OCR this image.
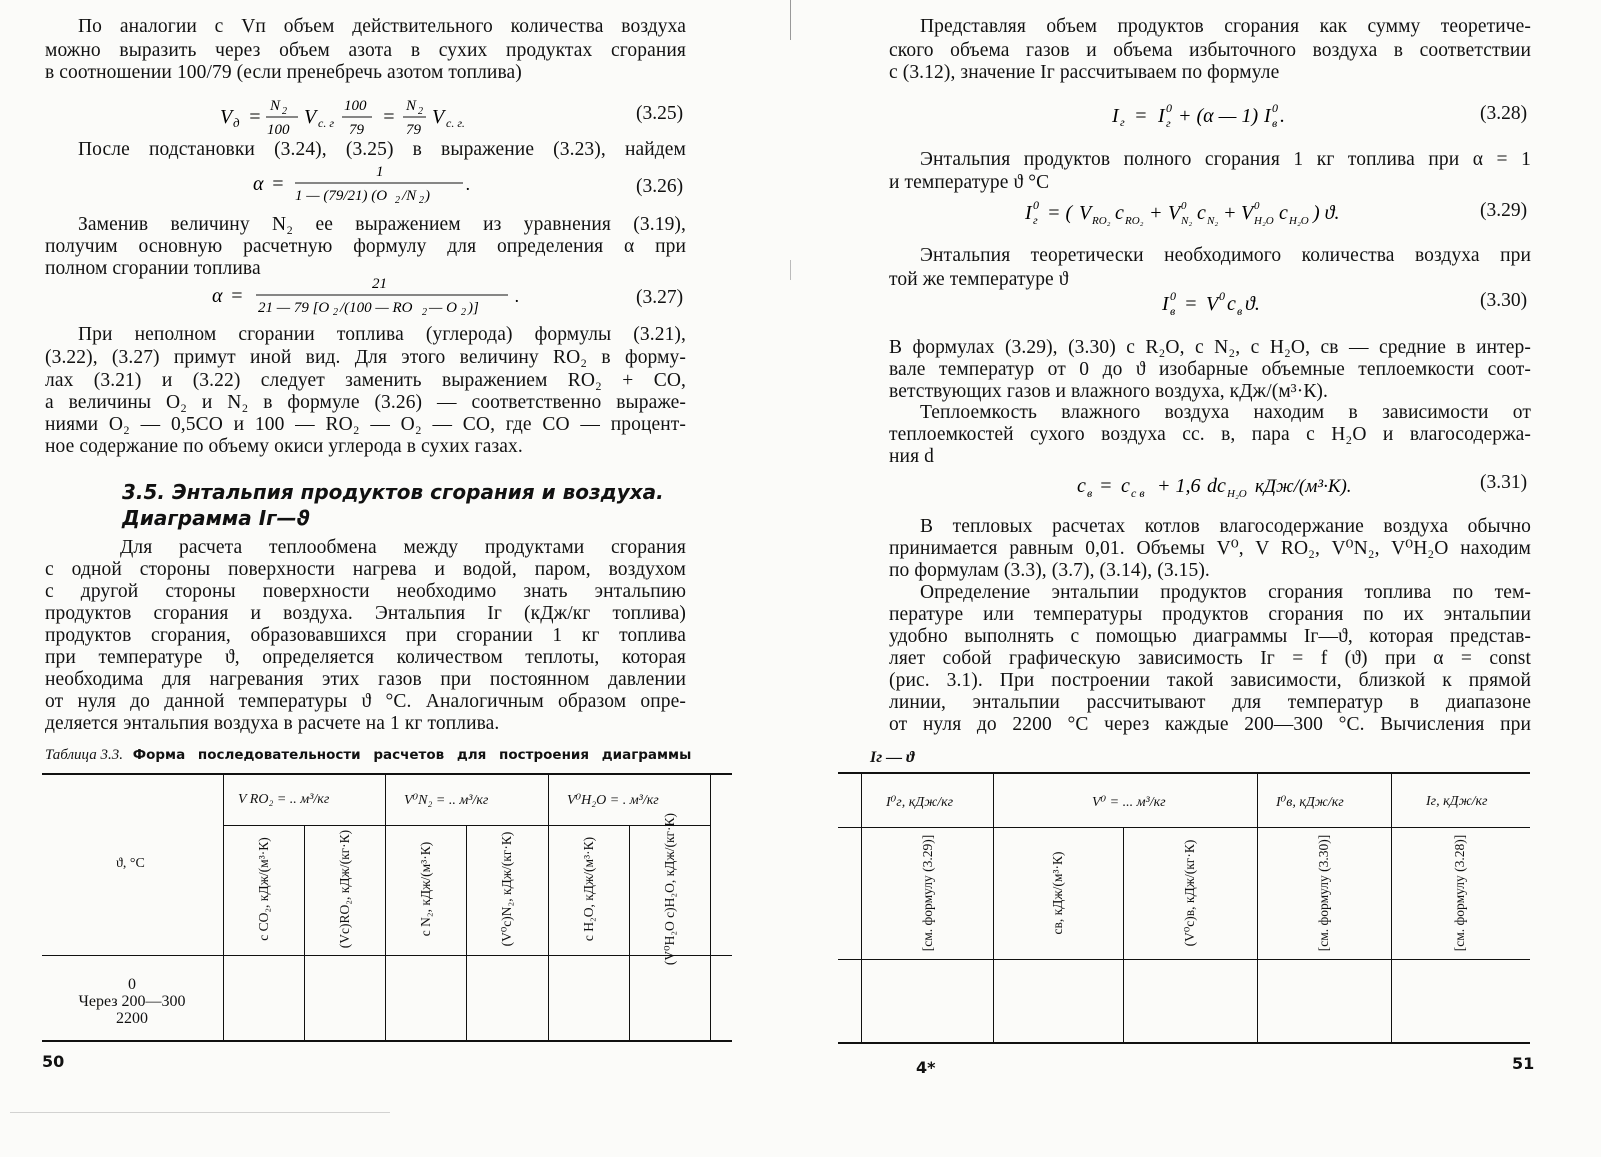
По аналогии с Vп объем действительного количества воздуха
можно выразить через объем азота в сухих продуктах сгорания
в соотношении 100/79 (если пренебречь азотом топлива)
V д = N 2
100
V с. г
100
79
= N 2
79
V с. г.	(3.25)
После подстановки (3.24), (3.25) в выражение (3.23), найдем
α =
1
1 — (79/21) (O 2 /N 2 )
.	(3.26)
Заменив величину N₂ ее выражением из уравнения (3.19),
получим основную расчетную формулу для определения α при
полном сгорании топлива
α =
21
21 — 79 [O 2 /(100 — RO 2 — O 2 )]
.	(3.27)
При неполном сгорании топлива (углерода) формулы (3.21),
(3.22), (3.27) примут иной вид. Для этого величину RO₂ в форму-
лах (3.21) и (3.22) следует заменить выражением RO₂ + CO,
а величины O₂ и N₂ в формуле (3.26) — соответственно выраже-
ниями O₂ — 0,5CO и 100 — RO₂ — O₂ — CO, где CO — процент-
ное содержание по объему окиси углерода в сухих газах.
3.5. Энтальпия продуктов сгорания и воздуха.
Диаграмма Iг—ϑ
Для расчета теплообмена между продуктами сгорания
с одной стороны поверхности нагрева и водой, паром, воздухом
с другой стороны поверхности необходимо знать энтальпию
продуктов сгорания и воздуха. Энтальпия Iг (кДж/кг топлива)
продуктов сгорания, образовавшихся при сгорании 1 кг топлива
при температуре ϑ, определяется количеством теплоты, которая
необходима для нагревания этих газов при постоянном давлении
от нуля до данной температуры ϑ °С. Аналогичным образом опре-
деляется энтальпия воздуха в расчете на 1 кг топлива.
Таблица 3.3. Форма последовательности расчетов для построения диаграммы
ϑ, °С
V RO₂ = .. м³/кг	V⁰N₂ = .. м³/кг	V⁰H₂O = . м³/кг
c CO₂, кДж/(м³·К)	(Vc)RO₂, кДж/(кг·К)	c N₂, кДж/(м³·К)	(V⁰c)N₂, кДж/(кг·К)	c H₂O, кДж/(м³·К)	(V⁰H₂O c)H₂O, кДж/(кг·К)
0
Через 200—300
2200
50
Представляя объем продуктов сгорания как сумму теоретиче-
ского объема газов и объема избыточного воздуха в соответствии
с (3.12), значение Iг рассчитываем по формуле
I г = I 0
г + (α — 1) I 0
в .	(3.28)
Энтальпия продуктов полного сгорания 1 кг топлива при α = 1
и температуре ϑ °С
I 0
г = ( V RO₂ c RO₂ + V 0
N₂ c N₂ + V 0
H₂O c H₂O ) ϑ.	(3.29)
Энтальпия теоретически необходимого количества воздуха при
той же температуре ϑ
I 0
в = V 0 c в ϑ.	(3.30)
В формулах (3.29), (3.30) c R₂O, c N₂, c H₂O, cв — средние в интер-
вале температур от 0 до ϑ изобарные объемные теплоемкости соот-
ветствующих газов и влажного воздуха, кДж/(м³·К).
Теплоемкость влажного воздуха находим в зависимости от
теплоемкостей сухого воздуха cс. в, пара c H₂O и влагосодержа-
ния d
c в = c с в + 1,6 dc H₂O кДж/(м³·К).	(3.31)
В тепловых расчетах котлов влагосодержание воздуха обычно
принимается равным 0,01. Объемы V⁰, V RO₂, V⁰N₂, V⁰H₂O находим
по формулам (3.3), (3.7), (3.14), (3.15).
Определение энтальпии продуктов сгорания топлива по тем-
пературе или температуры продуктов сгорания по их энтальпии
удобно выполнять с помощью диаграммы Iг—ϑ, которая представ-
ляет собой графическую зависимость Iг = f (ϑ) при α = const
(рис. 3.1). При построении такой зависимости, близкой к прямой
линии, энтальпии рассчитывают для температур в диапазоне
от нуля до 2200 °С через каждые 200—300 °С. Вычисления при
Iг — ϑ
I⁰г, кДж/кг	V⁰ = ... м³/кг	I⁰в, кДж/кг	Iг, кДж/кг
[см. формулу (3.29)]	cв, кДж/(м³·К)	(V⁰c)в, кДж/(кг·К)	[см. формулу (3.30)]	[см. формулу (3.28)]
4*	51
